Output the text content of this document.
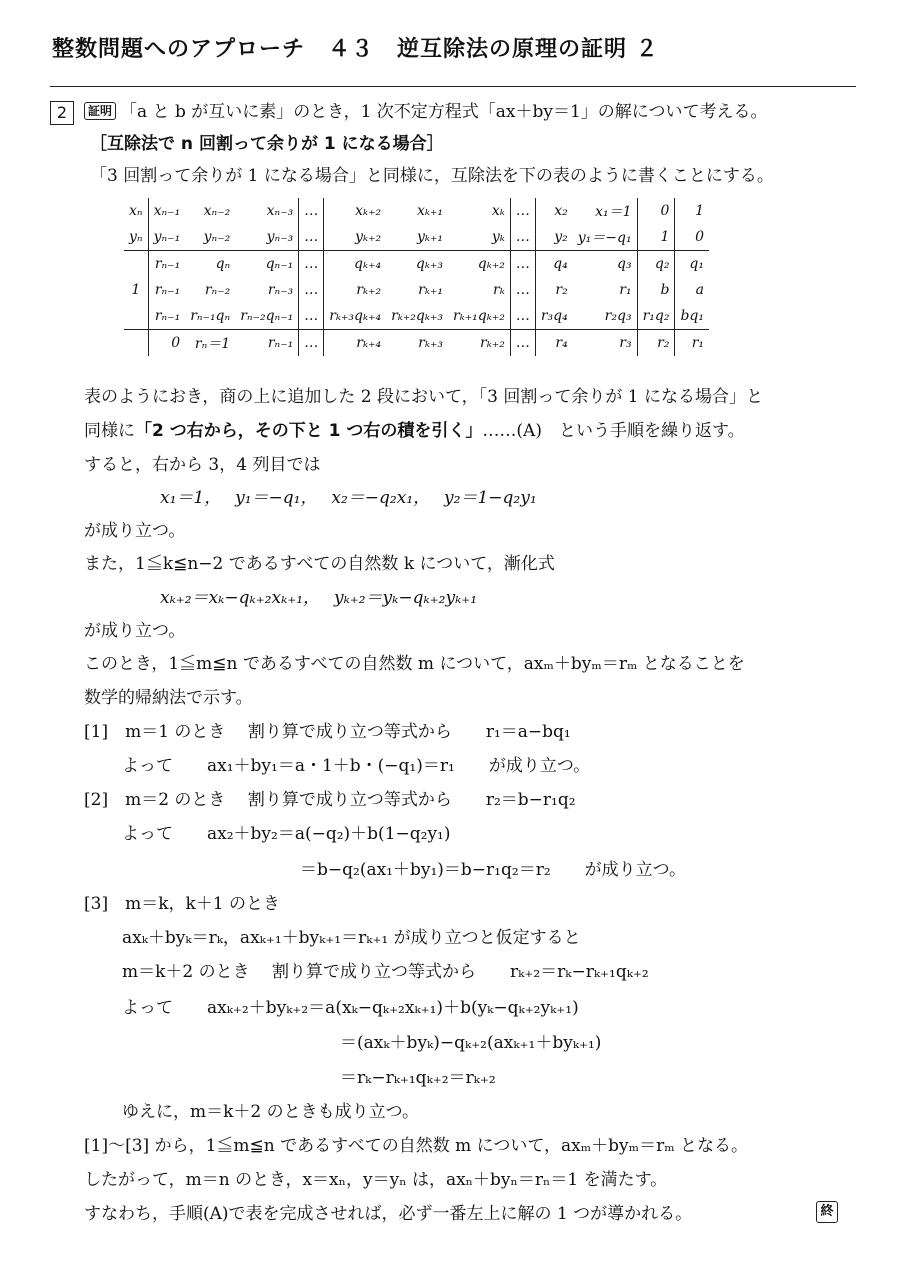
整数問題へのアプローチ　４３　逆互除法の原理の証明 ２
2	証明 「a と b が互いに素」のとき，1 次不定方程式「ax＋by＝1」の解について考える。
［互除法で n 回割って余りが 1 になる場合］
「3 回割って余りが 1 になる場合」と同様に，互除法を下の表のように書くことにする。
xₙ	xₙ₋₁	xₙ₋₂	xₙ₋₃	…	xₖ₊₂	xₖ₊₁	xₖ	…	x₂	x₁＝1	0	1
yₙ	yₙ₋₁	yₙ₋₂	yₙ₋₃	…	yₖ₊₂	yₖ₊₁	yₖ	…	y₂	y₁＝−q₁	1	0
	rₙ₋₁	qₙ	qₙ₋₁	…	qₖ₊₄	qₖ₊₃	qₖ₊₂	…	q₄	q₃	q₂	q₁
1	rₙ₋₁	rₙ₋₂	rₙ₋₃	…	rₖ₊₂	rₖ₊₁	rₖ	…	r₂	r₁	b	a
	rₙ₋₁	rₙ₋₁qₙ	rₙ₋₂qₙ₋₁	…	rₖ₊₃qₖ₊₄	rₖ₊₂qₖ₊₃	rₖ₊₁qₖ₊₂	…	r₃q₄	r₂q₃	r₁q₂	bq₁
	0	rₙ＝1	rₙ₋₁	…	rₖ₊₄	rₖ₊₃	rₖ₊₂	…	r₄	r₃	r₂	r₁
表のようにおき，商の上に追加した 2 段において，「3 回割って余りが 1 になる場合」と
同様に「2 つ右から，その下と 1 つ右の積を引く」……(A)　という手順を繰り返す。
すると，右から 3，4 列目では
x₁＝1，　 y₁＝−q₁，　 x₂＝−q₂x₁，　 y₂＝1−q₂y₁
が成り立つ。
また，1≦k≦n−2 であるすべての自然数 k について，漸化式
xₖ₊₂＝xₖ−qₖ₊₂xₖ₊₁，　 yₖ₊₂＝yₖ−qₖ₊₂yₖ₊₁
が成り立つ。
このとき，1≦m≦n であるすべての自然数 m について，axₘ＋byₘ＝rₘ となることを
数学的帰納法で示す。
[1]　m＝1 のとき　 割り算で成り立つ等式から　　r₁＝a−bq₁
よって　　ax₁＋by₁＝a・1＋b・(−q₁)＝r₁　　が成り立つ。
[2]　m＝2 のとき　 割り算で成り立つ等式から　　r₂＝b−r₁q₂
よって　　ax₂＋by₂＝a(−q₂)＋b(1−q₂y₁)
＝b−q₂(ax₁＋by₁)＝b−r₁q₂＝r₂　　が成り立つ。
[3]　m＝k，k＋1 のとき
axₖ＋byₖ＝rₖ，axₖ₊₁＋byₖ₊₁＝rₖ₊₁ が成り立つと仮定すると
m＝k＋2 のとき　 割り算で成り立つ等式から　　rₖ₊₂＝rₖ−rₖ₊₁qₖ₊₂
よって　　axₖ₊₂＋byₖ₊₂＝a(xₖ−qₖ₊₂xₖ₊₁)＋b(yₖ−qₖ₊₂yₖ₊₁)
＝(axₖ＋byₖ)−qₖ₊₂(axₖ₊₁＋byₖ₊₁)
＝rₖ−rₖ₊₁qₖ₊₂＝rₖ₊₂
ゆえに，m＝k＋2 のときも成り立つ。
[1]～[3] から，1≦m≦n であるすべての自然数 m について，axₘ＋byₘ＝rₘ となる。
したがって，m＝n のとき，x＝xₙ，y＝yₙ は，axₙ＋byₙ＝rₙ＝1 を満たす。
すなわち，手順(A)で表を完成させれば，必ず一番左上に解の 1 つが導かれる。	終
